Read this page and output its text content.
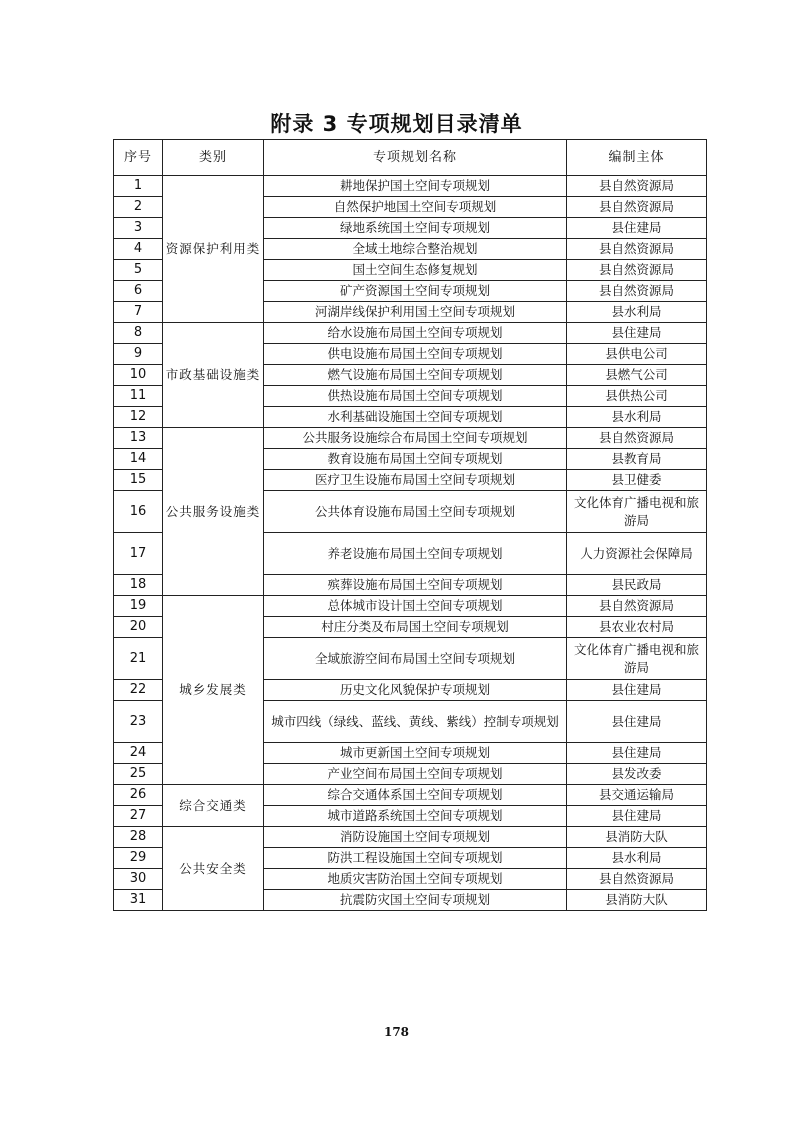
附录 3 专项规划目录清单
序号	类别	专项规划名称	编制主体
1	资源保护利用类	耕地保护国土空间专项规划	县自然资源局
2		自然保护地国土空间专项规划	县自然资源局
3		绿地系统国土空间专项规划	县住建局
4		全域土地综合整治规划	县自然资源局
5		国土空间生态修复规划	县自然资源局
6		矿产资源国土空间专项规划	县自然资源局
7		河湖岸线保护利用国土空间专项规划	县水利局
8	市政基础设施类	给水设施布局国土空间专项规划	县住建局
9		供电设施布局国土空间专项规划	县供电公司
10		燃气设施布局国土空间专项规划	县燃气公司
11		供热设施布局国土空间专项规划	县供热公司
12		水利基础设施国土空间专项规划	县水利局
13	公共服务设施类	公共服务设施综合布局国土空间专项规划	县自然资源局
14		教育设施布局国土空间专项规划	县教育局
15		医疗卫生设施布局国土空间专项规划	县卫健委
16		公共体育设施布局国土空间专项规划	文化体育广播电视和旅游局
17		养老设施布局国土空间专项规划	人力资源社会保障局
18		殡葬设施布局国土空间专项规划	县民政局
19	城乡发展类	总体城市设计国土空间专项规划	县自然资源局
20		村庄分类及布局国土空间专项规划	县农业农村局
21		全域旅游空间布局国土空间专项规划	文化体育广播电视和旅游局
22		历史文化风貌保护专项规划	县住建局
23		城市四线（绿线、蓝线、黄线、紫线）控制专项规划	县住建局
24		城市更新国土空间专项规划	县住建局
25		产业空间布局国土空间专项规划	县发改委
26	综合交通类	综合交通体系国土空间专项规划	县交通运输局
27		城市道路系统国土空间专项规划	县住建局
28	公共安全类	消防设施国土空间专项规划	县消防大队
29		防洪工程设施国土空间专项规划	县水利局
30		地质灾害防治国土空间专项规划	县自然资源局
31		抗震防灾国土空间专项规划	县消防大队
178
